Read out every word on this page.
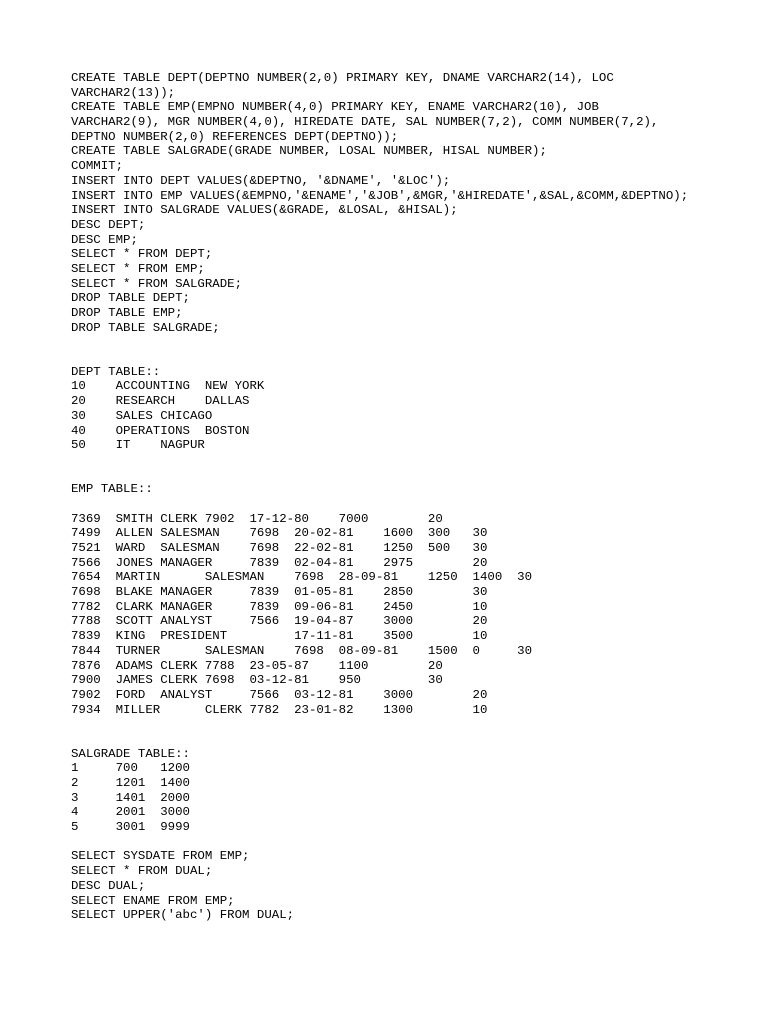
CREATE TABLE DEPT(DEPTNO NUMBER(2,0) PRIMARY KEY, DNAME VARCHAR2(14), LOC
VARCHAR2(13));
CREATE TABLE EMP(EMPNO NUMBER(4,0) PRIMARY KEY, ENAME VARCHAR2(10), JOB
VARCHAR2(9), MGR NUMBER(4,0), HIREDATE DATE, SAL NUMBER(7,2), COMM NUMBER(7,2),
DEPTNO NUMBER(2,0) REFERENCES DEPT(DEPTNO));
CREATE TABLE SALGRADE(GRADE NUMBER, LOSAL NUMBER, HISAL NUMBER);
COMMIT;
INSERT INTO DEPT VALUES(&DEPTNO, '&DNAME', '&LOC');
INSERT INTO EMP VALUES(&EMPNO,'&ENAME','&JOB',&MGR,'&HIREDATE',&SAL,&COMM,&DEPTNO);
INSERT INTO SALGRADE VALUES(&GRADE, &LOSAL, &HISAL);
DESC DEPT;
DESC EMP;
SELECT * FROM DEPT;
SELECT * FROM EMP;
SELECT * FROM SALGRADE;
DROP TABLE DEPT;
DROP TABLE EMP;
DROP TABLE SALGRADE;
DEPT TABLE::
10    ACCOUNTING  NEW YORK
20    RESEARCH    DALLAS
30    SALES CHICAGO
40    OPERATIONS  BOSTON
50    IT    NAGPUR
EMP TABLE::
7369  SMITH CLERK 7902  17-12-80    7000        20
7499  ALLEN SALESMAN    7698  20-02-81    1600  300   30
7521  WARD  SALESMAN    7698  22-02-81    1250  500   30
7566  JONES MANAGER     7839  02-04-81    2975        20
7654  MARTIN      SALESMAN    7698  28-09-81    1250  1400  30
7698  BLAKE MANAGER     7839  01-05-81    2850        30
7782  CLARK MANAGER     7839  09-06-81    2450        10
7788  SCOTT ANALYST     7566  19-04-87    3000        20
7839  KING  PRESIDENT         17-11-81    3500        10
7844  TURNER      SALESMAN    7698  08-09-81    1500  0     30
7876  ADAMS CLERK 7788  23-05-87    1100        20
7900  JAMES CLERK 7698  03-12-81    950         30
7902  FORD  ANALYST     7566  03-12-81    3000        20
7934  MILLER      CLERK 7782  23-01-82    1300        10
SALGRADE TABLE::
1     700   1200
2     1201  1400
3     1401  2000
4     2001  3000
5     3001  9999
SELECT SYSDATE FROM EMP;
SELECT * FROM DUAL;
DESC DUAL;
SELECT ENAME FROM EMP;
SELECT UPPER('abc') FROM DUAL;
